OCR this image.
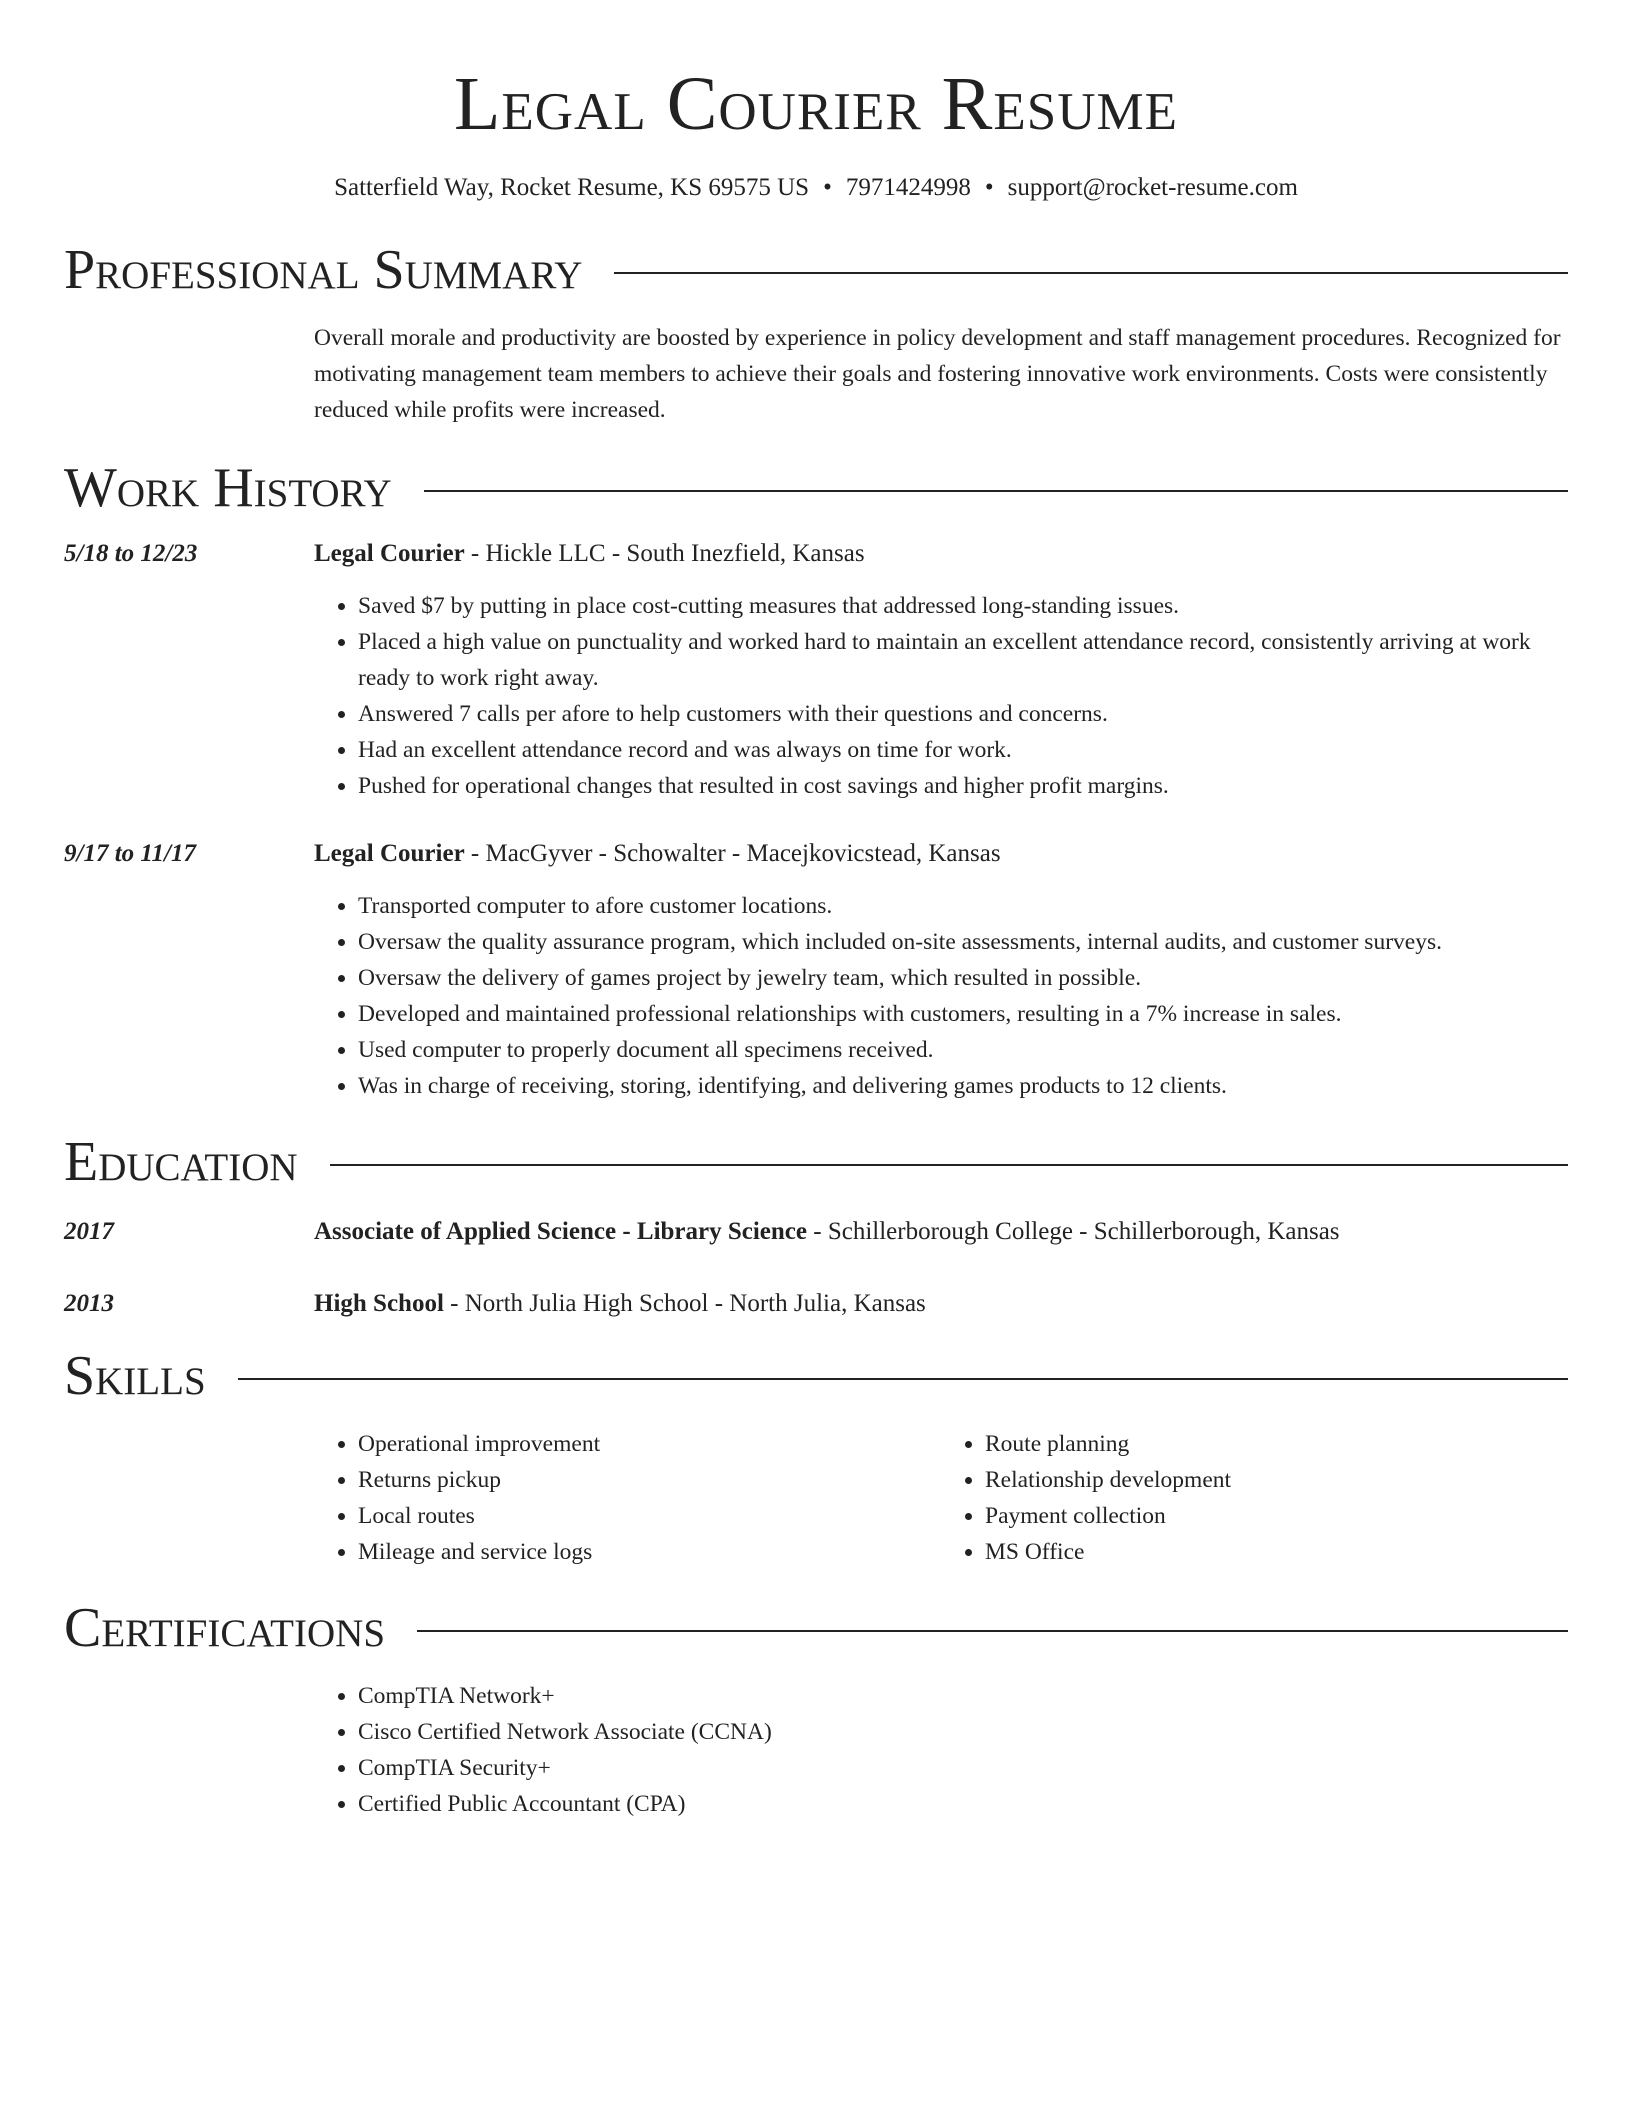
Legal Courier Resume
Satterfield Way, Rocket Resume, KS 69575 US • 7971424998 • support@rocket-resume.com
Professional Summary
Overall morale and productivity are boosted by experience in policy development and staff management procedures. Recognized for motivating management team members to achieve their goals and fostering innovative work environments. Costs were consistently reduced while profits were increased.
Work History
5/18 to 12/23	Legal Courier - Hickle LLC - South Inezfield, Kansas
• Saved $7 by putting in place cost-cutting measures that addressed long-standing issues.
• Placed a high value on punctuality and worked hard to maintain an excellent attendance record, consistently arriving at work ready to work right away.
• Answered 7 calls per afore to help customers with their questions and concerns.
• Had an excellent attendance record and was always on time for work.
• Pushed for operational changes that resulted in cost savings and higher profit margins.
9/17 to 11/17	Legal Courier - MacGyver - Schowalter - Macejkovicstead, Kansas
• Transported computer to afore customer locations.
• Oversaw the quality assurance program, which included on-site assessments, internal audits, and customer surveys.
• Oversaw the delivery of games project by jewelry team, which resulted in possible.
• Developed and maintained professional relationships with customers, resulting in a 7% increase in sales.
• Used computer to properly document all specimens received.
• Was in charge of receiving, storing, identifying, and delivering games products to 12 clients.
Education
2017	Associate of Applied Science - Library Science - Schillerborough College - Schillerborough, Kansas
2013	High School - North Julia High School - North Julia, Kansas
Skills
• Operational improvement
• Returns pickup
• Local routes
• Mileage and service logs
• Route planning
• Relationship development
• Payment collection
• MS Office
Certifications
• CompTIA Network+
• Cisco Certified Network Associate (CCNA)
• CompTIA Security+
• Certified Public Accountant (CPA)
